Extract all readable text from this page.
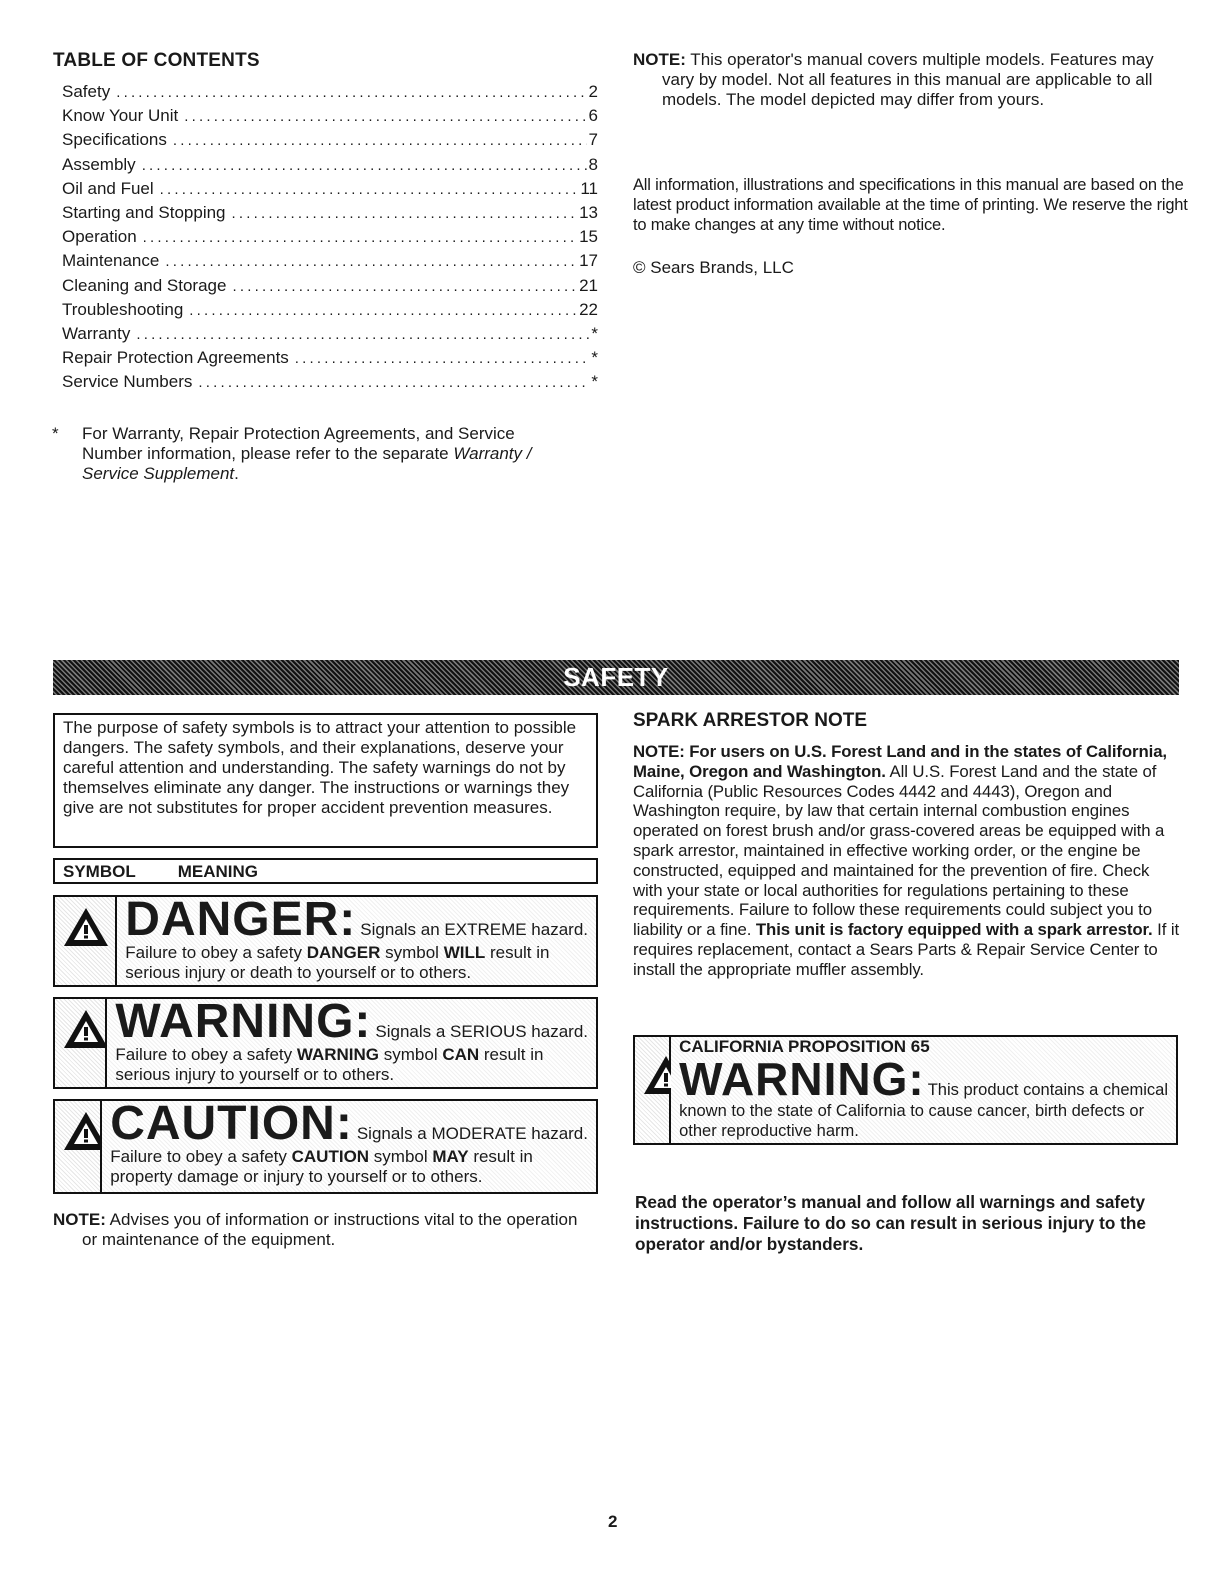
TABLE OF CONTENTS
Safety .....	2
Know Your Unit .....	6
Specifications .....	7
Assembly .....	8
Oil and Fuel .....	11
Starting and Stopping .....	13
Operation .....	15
Maintenance .....	17
Cleaning and Storage .....	21
Troubleshooting .....	22
Warranty .....	*
Repair Protection Agreements .....	*
Service Numbers .....	*
* For Warranty, Repair Protection Agreements, and Service Number information, please refer to the separate Warranty / Service Supplement.
NOTE: This operator's manual covers multiple models. Features may vary by model. Not all features in this manual are applicable to all models. The model depicted may differ from yours.
All information, illustrations and specifications in this manual are based on the latest product information available at the time of printing. We reserve the right to make changes at any time without notice.
© Sears Brands, LLC
SAFETY
The purpose of safety symbols is to attract your attention to possible dangers. The safety symbols, and their explanations, deserve your careful attention and understanding. The safety warnings do not by themselves eliminate any danger. The instructions or warnings they give are not substitutes for proper accident prevention measures.
SYMBOL MEANING
DANGER: Signals an EXTREME hazard.
Failure to obey a safety DANGER symbol WILL result in serious injury or death to yourself or to others.
WARNING: Signals a SERIOUS hazard.
Failure to obey a safety WARNING symbol CAN result in serious injury to yourself or to others.
CAUTION: Signals a MODERATE hazard.
Failure to obey a safety CAUTION symbol MAY result in property damage or injury to yourself or to others.
NOTE: Advises you of information or instructions vital to the operation or maintenance of the equipment.
SPARK ARRESTOR NOTE
NOTE: For users on U.S. Forest Land and in the states of California, Maine, Oregon and Washington. All U.S. Forest Land and the state of California (Public Resources Codes 4442 and 4443), Oregon and Washington require, by law that certain internal combustion engines operated on forest brush and/or grass-covered areas be equipped with a spark arrestor, maintained in effective working order, or the engine be constructed, equipped and maintained for the prevention of fire. Check with your state or local authorities for regulations pertaining to these requirements. Failure to follow these requirements could subject you to liability or a fine. This unit is factory equipped with a spark arrestor. If it requires replacement, contact a Sears Parts & Repair Service Center to install the appropriate muffler assembly.
CALIFORNIA PROPOSITION 65
WARNING: This product contains a chemical
known to the state of California to cause cancer, birth defects or other reproductive harm.
Read the operator’s manual and follow all warnings and safety instructions. Failure to do so can result in serious injury to the operator and/or bystanders.
2
